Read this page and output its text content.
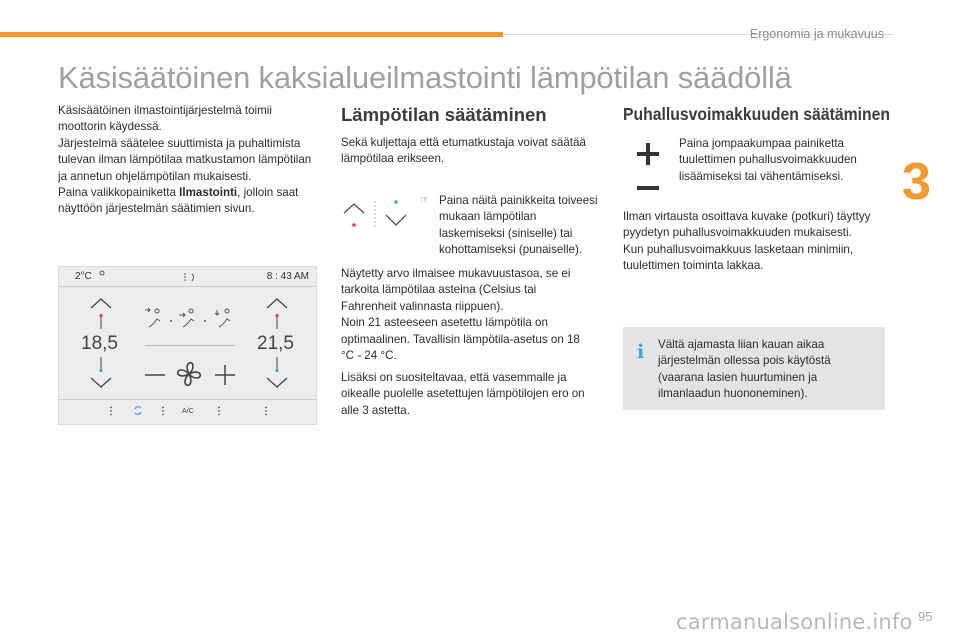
Ergonomia ja mukavuus
3
Käsisäätöinen kaksialueilmastointi lämpötilan säädöllä
Käsisäätöinen ilmastointijärjestelmä toimii moottorin käydessä.
Järjestelmä säätelee suuttimista ja puhaltimista tulevan ilman lämpötilaa matkustamon lämpötilan ja annetun ohjelämpötilan mukaisesti.
Paina valikkopainiketta Ilmastointi, jolloin saat näyttöön järjestelmän säätimien sivun.
2°C	8 : 43 AM
18,5	21,5
A/C
Lämpötilan säätäminen
Sekä kuljettaja että etumatkustaja voivat säätää lämpötilaa erikseen.
☞ Paina näitä painikkeita toiveesi mukaan lämpötilan laskemiseksi (siniselle) tai kohottamiseksi (punaiselle).
Näytetty arvo ilmaisee mukavuustasoa, se ei tarkoita lämpötilaa asteina (Celsius tai Fahrenheit valinnasta riippuen).
Noin 21 asteeseen asetettu lämpötila on optimaalinen. Tavallisin lämpötila-asetus on 18 °C - 24 °C.
Lisäksi on suositeltavaa, että vasemmalle ja oikealle puolelle asetettujen lämpötilojen ero on alle 3 astetta.
Puhallusvoimakkuuden säätäminen
Paina jompaakumpaa painiketta tuulettimen puhallusvoimakkuuden lisäämiseksi tai vähentämiseksi.
Ilman virtausta osoittava kuvake (potkuri) täyttyy pyydetyn puhallusvoimakkuuden mukaisesti.
Kun puhallusvoimakkuus lasketaan minimiin, tuulettimen toiminta lakkaa.
i Vältä ajamasta liian kauan aikaa järjestelmän ollessa pois käytöstä (vaarana lasien huurtuminen ja ilmanlaadun huononeminen).
95
carmanualsonline.info
